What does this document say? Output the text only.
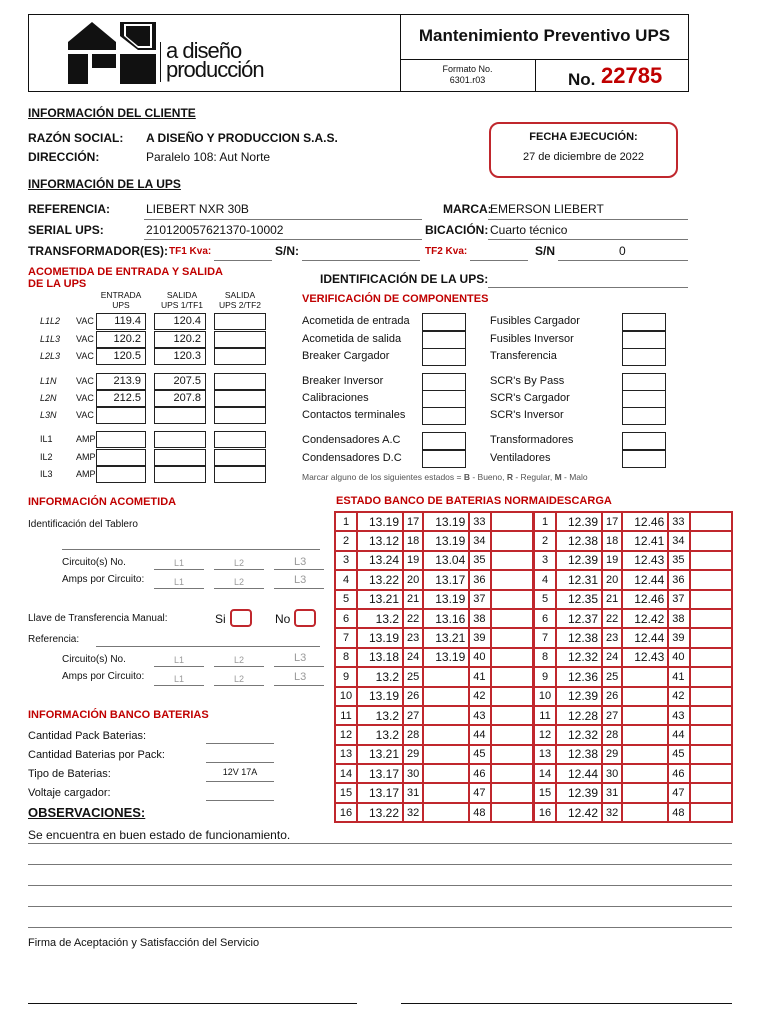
a diseño
producción
Mantenimiento Preventivo UPS
Formato No.
6301.r03	No. 22785
INFORMACIÓN DEL CLIENTE
RAZÓN SOCIAL: A DISEÑO Y PRODUCCION S.A.S.
DIRECCIÓN:	Paralelo 108: Aut Norte
FECHA EJECUCIÓN:
27 de diciembre de 2022
INFORMACIÓN DE LA UPS
REFERENCIA:	LIEBERT NXR 30B	MARCA:
EMERSON LIEBERT
SERIAL UPS:	210120057621370-10002	BICACIÓN: Cuarto técnico
TRANSFORMADOR(ES): TF1 Kva:	S/N:	TF2 Kva:	S/N	0
IDENTIFICACIÓN DE LA UPS:
ACOMETIDA DE ENTRADA Y SALIDA
DE LA UPS
ENTRADA
UPS
SALIDA
UPS 1/TF1
SALIDA
UPS 2/TF2
L1L2 VAC	119.4	120.4
L1L3 VAC	120.2	120.2
L2L3 VAC	120.5	120.3
L1N VAC	213.9	207.5
L2N VAC	212.5	207.8
L3N VAC
IL1	AMP
IL2	AMP
IL3	AMP
VERIFICACIÓN DE COMPONENTES
Acometida de entrada	Fusibles Cargador
Acometida de salida	Fusibles Inversor
Breaker Cargador	Transferencia
Breaker Inversor	SCR's By Pass
Calibraciones	SCR's Cargador
Contactos terminales	SCR's Inversor
Condensadores A.C	Transformadores
Condensadores D.C	Ventiladores
Marcar alguno de los siguientes estados = B - Bueno, R - Regular, M - Malo
INFORMACIÓN ACOMETIDA
Identificación del Tablero
Circuito(s) No.	L1	L2	L3
Amps por Circuito:	L1	L2	L3
Llave de Transferencia Manual:	Si	No
Referencia:
Circuito(s) No.	L1	L2	L3
Amps por Circuito:	L1	L2	L3
INFORMACIÓN BANCO BATERIAS
Cantidad Pack Baterias:
Cantidad Baterias por Pack:
Tipo de Baterias:	12V 17A
Voltaje cargador:
ESTADO BANCO DE BATERIAS NORMAIDESCARGA
1	13.19	17	13.19	33	
2	13.12	18	13.19	34	
3	13.24	19	13.04	35	
4	13.22	20	13.17	36	
5	13.21	21	13.19	37	
6	13.2	22	13.16	38	
7	13.19	23	13.21	39	
8	13.18	24	13.19	40	
9	13.2	25		41	
10	13.19	26		42	
11	13.2	27		43	
12	13.2	28		44	
13	13.21	29		45	
14	13.17	30		46	
15	13.17	31		47	
16	13.22	32		48	
1	12.39	17	12.46	33	
2	12.38	18	12.41	34	
3	12.39	19	12.43	35	
4	12.31	20	12.44	36	
5	12.35	21	12.46	37	
6	12.37	22	12.42	38	
7	12.38	23	12.44	39	
8	12.32	24	12.43	40	
9	12.36	25		41	
10	12.39	26		42	
11	12.28	27		43	
12	12.32	28		44	
13	12.38	29		45	
14	12.44	30		46	
15	12.39	31		47	
16	12.42	32		48	
OBSERVACIONES:
Se encuentra en buen estado de funcionamiento.
Firma de Aceptación y Satisfacción del Servicio
